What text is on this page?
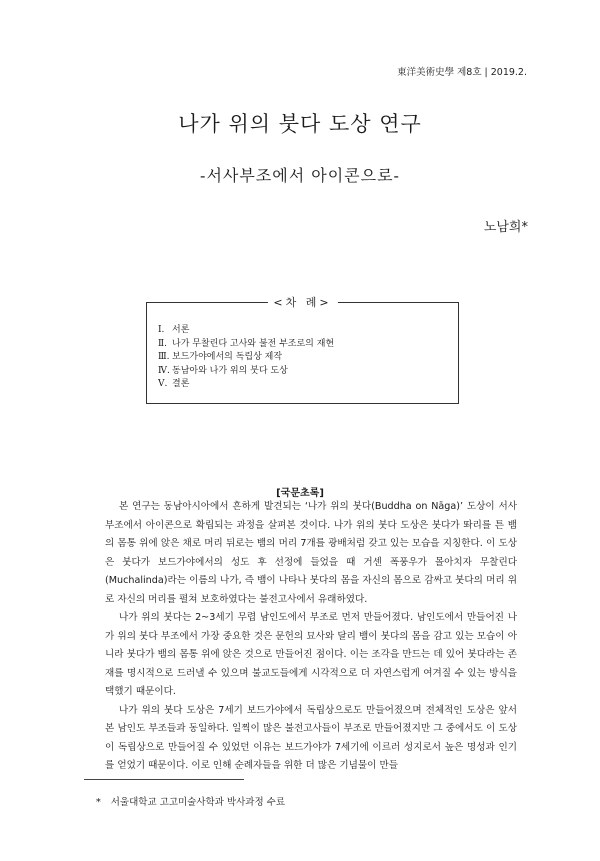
東洋美術史學 제8호 | 2019.2.
나가 위의 붓다 도상 연구
-서사부조에서 아이콘으로-
노남희*
<차 례>
Ⅰ. 서론
Ⅱ. 나가 무찰린다 고사와 불전 부조로의 재현
Ⅲ. 보드가야에서의 독립상 제작
Ⅳ. 동남아와 나가 위의 붓다 도상
Ⅴ. 결론
[국문초록]

본 연구는 동남아시아에서 흔하게 발견되는 ‘나가 위의 붓다(Buddha on Nāga)’ 도상이 서사부조에서 아이콘으로 확립되는 과정을 살펴본 것이다. 나가 위의 붓다 도상은 붓다가 똬리를 튼 뱀의 몸통 위에 앉은 채로 머리 뒤로는 뱀의 머리 7개를 광배처럼 갖고 있는 모습을 지칭한다. 이 도상은 붓다가 보드가야에서의 성도 후 선정에 들었을 때 거센 폭풍우가 몰아치자 무찰린다(Muchalinda)라는 이름의 나가, 즉 뱀이 나타나 붓다의 몸을 자신의 몸으로 감싸고 붓다의 머리 위로 자신의 머리를 펼쳐 보호하였다는 불전고사에서 유래하였다.

나가 위의 붓다는 2~3세기 무렵 남인도에서 부조로 먼저 만들어졌다. 남인도에서 만들어진 나가 위의 붓다 부조에서 가장 중요한 것은 문헌의 묘사와 달리 뱀이 붓다의 몸을 감고 있는 모습이 아니라 붓다가 뱀의 몸통 위에 앉은 것으로 만들어진 점이다. 이는 조각을 만드는 데 있어 붓다라는 존재를 명시적으로 드러낼 수 있으며 불교도들에게 시각적으로 더 자연스럽게 여겨질 수 있는 방식을 택했기 때문이다.

나가 위의 붓다 도상은 7세기 보드가야에서 독립상으로도 만들어졌으며 전체적인 도상은 앞서 본 남인도 부조들과 동일하다. 일찍이 많은 불전고사들이 부조로 만들어졌지만 그 중에서도 이 도상이 독립상으로 만들어질 수 있었던 이유는 보드가야가 7세기에 이르러 성지로서 높은 명성과 인기를 얻었기 때문이다. 이로 인해 순례자들을 위한 더 많은 기념물이 만들

* 서울대학교 고고미술사학과 박사과정 수료
